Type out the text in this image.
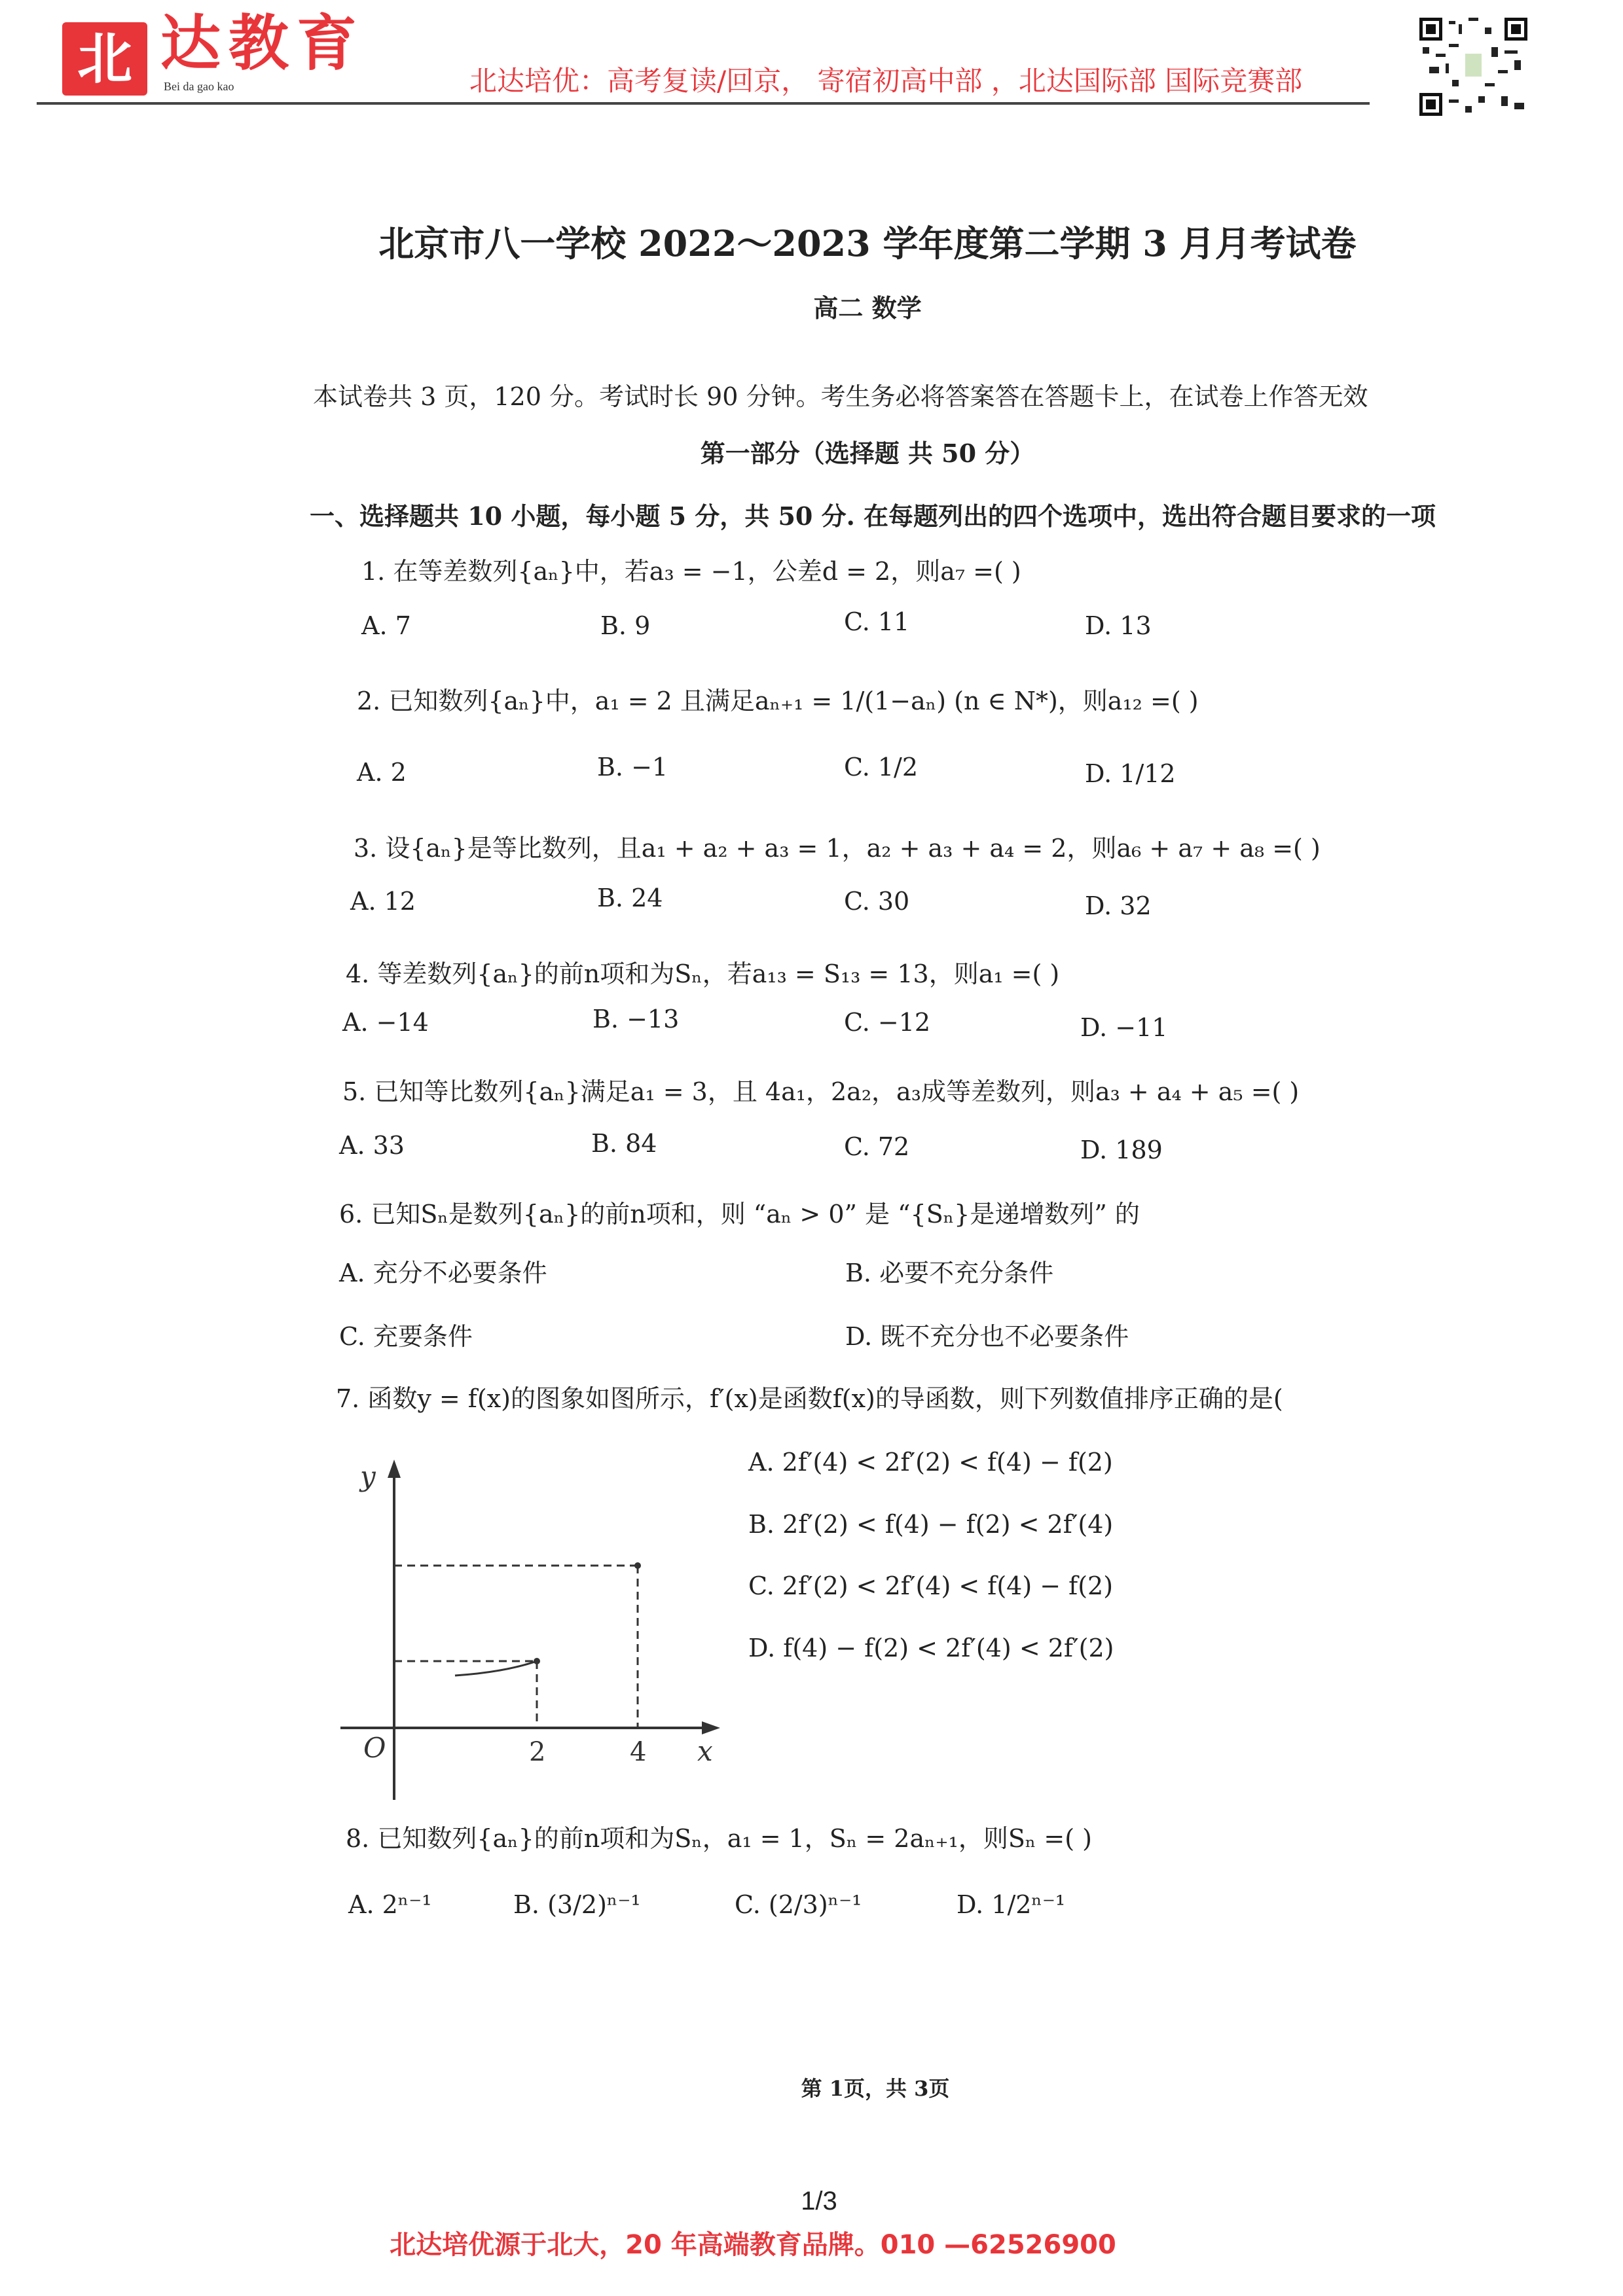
北 达教育
Bei da gao kao	北达培优：高考复读/回京， 寄宿初高中部 ，北达国际部 国际竞赛部
北京市八一学校 2022～2023 学年度第二学期 3 月月考试卷
高二 数学
本试卷共 3 页，120 分。考试时长 90 分钟。考生务必将答案答在答题卡上，在试卷上作答无效
第一部分（选择题 共 50 分）
一、选择题共 10 小题，每小题 5 分，共 50 分. 在每题列出的四个选项中，选出符合题目要求的一项
1. 在等差数列{aₙ}中，若a₃ = −1，公差d = 2，则a₇ =( )
A. 7	B. 9	C. 11	D. 13
2. 已知数列{aₙ}中，a₁ = 2 且满足aₙ₊₁ = 1/(1−aₙ) (n ∈ N*)，则a₁₂ =( )
A. 2	B. −1	C. 1/2	D. 1/12
3. 设{aₙ}是等比数列，且a₁ + a₂ + a₃ = 1，a₂ + a₃ + a₄ = 2，则a₆ + a₇ + a₈ =( )
A. 12	B. 24	C. 30	D. 32
4. 等差数列{aₙ}的前n项和为Sₙ，若a₁₃ = S₁₃ = 13，则a₁ =( )
A. −14	B. −13	C. −12	D. −11
5. 已知等比数列{aₙ}满足a₁ = 3，且 4a₁，2a₂，a₃成等差数列，则a₃ + a₄ + a₅ =( )
A. 33	B. 84	C. 72	D. 189
6. 已知Sₙ是数列{aₙ}的前n项和，则 “aₙ > 0” 是 “{Sₙ}是递增数列” 的
A. 充分不必要条件	B. 必要不充分条件
C. 充要条件	D. 既不充分也不必要条件
7. 函数y = f(x)的图象如图所示，f′(x)是函数f(x)的导函数，则下列数值排序正确的是(
y
O	2	4 x
A. 2f′(4) < 2f′(2) < f(4) − f(2)
B. 2f′(2) < f(4) − f(2) < 2f′(4)
C. 2f′(2) < 2f′(4) < f(4) − f(2)
D. f(4) − f(2) < 2f′(4) < 2f′(2)
8. 已知数列{aₙ}的前n项和为Sₙ，a₁ = 1，Sₙ = 2aₙ₊₁，则Sₙ =( )
A. 2ⁿ⁻¹	B. (3/2)ⁿ⁻¹	C. (2/3)ⁿ⁻¹	D. 1/2ⁿ⁻¹
第 1页，共 3页
1/3
北达培优源于北大，20 年高端教育品牌。010 —62526900
